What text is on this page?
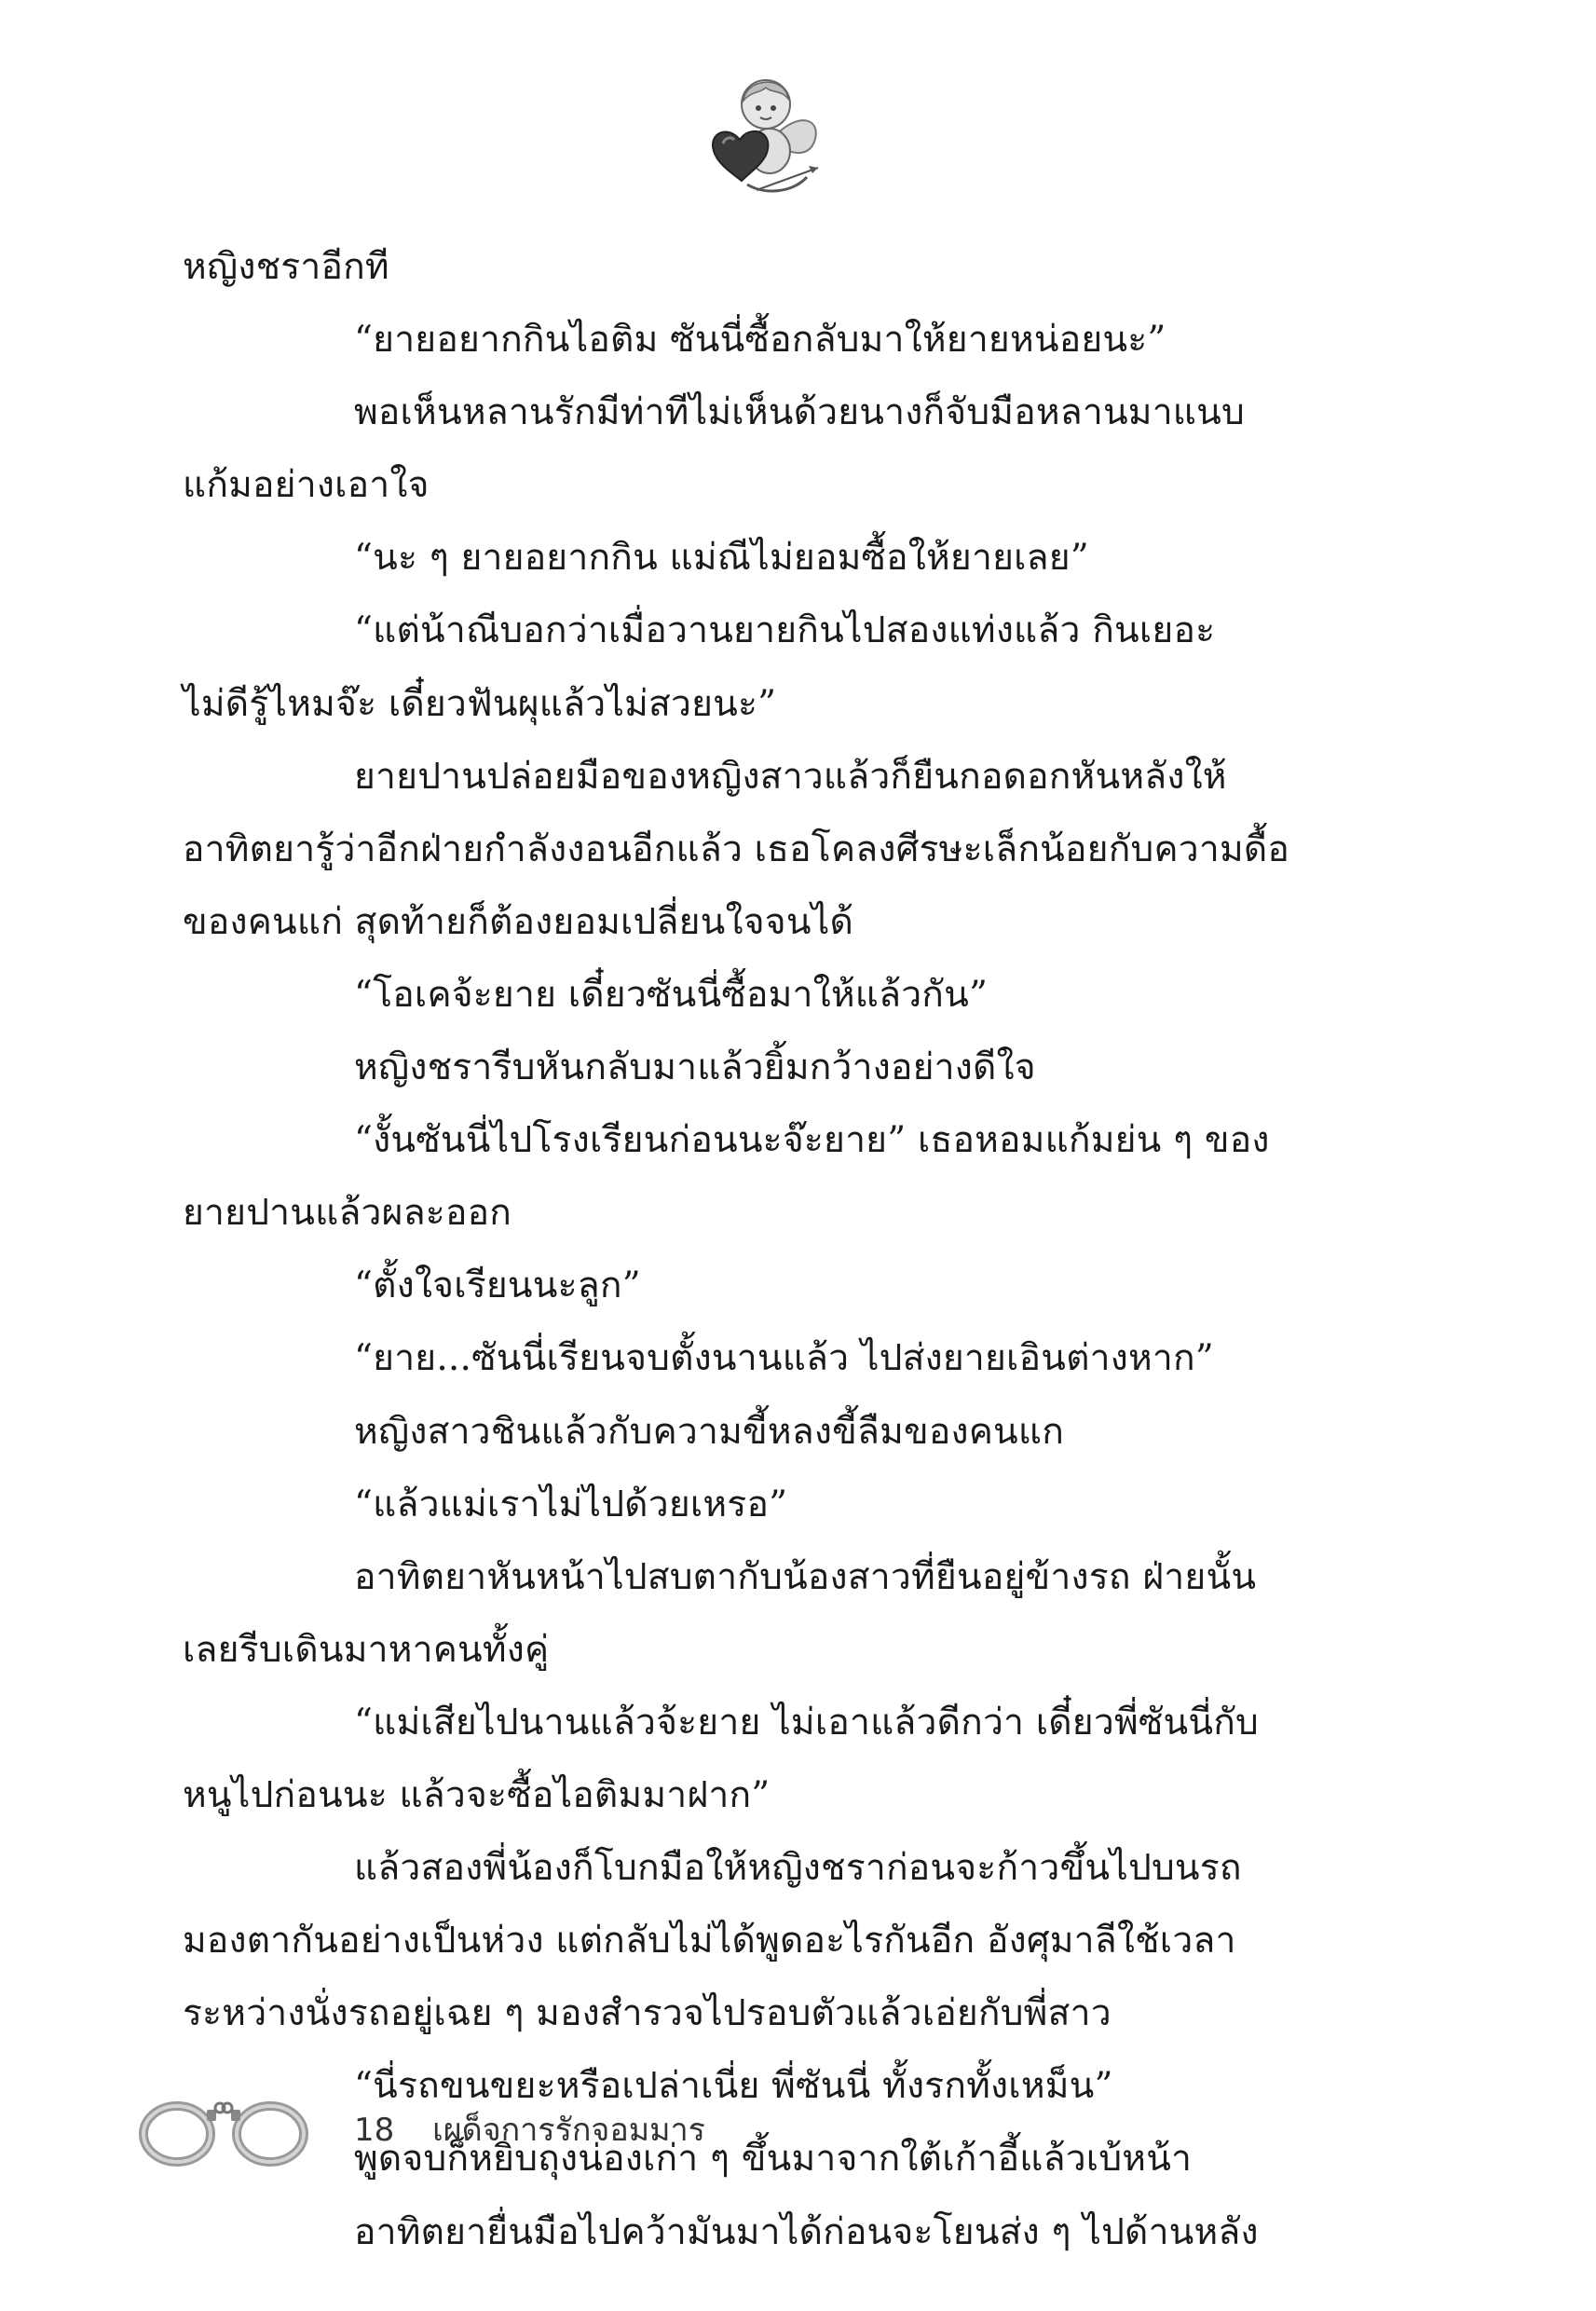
หญิงชราอีกที
“ยายอยากกินไอติม ซันนี่ซื้อกลับมาให้ยายหน่อยนะ”
พอเห็นหลานรักมีท่าทีไม่เห็นด้วยนางก็จับมือหลานมาแนบ
แก้มอย่างเอาใจ
“นะ ๆ ยายอยากกิน แม่ณีไม่ยอมซื้อให้ยายเลย”
“แต่น้าณีบอกว่าเมื่อวานยายกินไปสองแท่งแล้ว กินเยอะ
ไม่ดีรู้ไหมจ๊ะ เดี๋ยวฟันผุแล้วไม่สวยนะ”
ยายปานปล่อยมือของหญิงสาวแล้วก็ยืนกอดอกหันหลังให้
อาทิตยารู้ว่าอีกฝ่ายกำลังงอนอีกแล้ว เธอโคลงศีรษะเล็กน้อยกับความดื้อ
ของคนแก่ สุดท้ายก็ต้องยอมเปลี่ยนใจจนได้
“โอเคจ้ะยาย เดี๋ยวซันนี่ซื้อมาให้แล้วกัน”
หญิงชรารีบหันกลับมาแล้วยิ้มกว้างอย่างดีใจ
“งั้นซันนี่ไปโรงเรียนก่อนนะจ๊ะยาย” เธอหอมแก้มย่น ๆ ของ
ยายปานแล้วผละออก
“ตั้งใจเรียนนะลูก”
“ยาย...ซันนี่เรียนจบตั้งนานแล้ว ไปส่งยายเอินต่างหาก”
หญิงสาวชินแล้วกับความขี้หลงขี้ลืมของคนแก
“แล้วแม่เราไม่ไปด้วยเหรอ”
อาทิตยาหันหน้าไปสบตากับน้องสาวที่ยืนอยู่ข้างรถ ฝ่ายนั้น
เลยรีบเดินมาหาคนทั้งคู่
“แม่เสียไปนานแล้วจ้ะยาย ไม่เอาแล้วดีกว่า เดี๋ยวพี่ซันนี่กับ
หนูไปก่อนนะ แล้วจะซื้อไอติมมาฝาก”
แล้วสองพี่น้องก็โบกมือให้หญิงชราก่อนจะก้าวขึ้นไปบนรถ
มองตากันอย่างเป็นห่วง แต่กลับไม่ได้พูดอะไรกันอีก อังศุมาลีใช้เวลา
ระหว่างนั่งรถอยู่เฉย ๆ มองสำรวจไปรอบตัวแล้วเอ่ยกับพี่สาว
“นี่รถขนขยะหรือเปล่าเนี่ย พี่ซันนี่ ทั้งรกทั้งเหม็น”
พูดจบก็หยิบถุงน่องเก่า ๆ ขึ้นมาจากใต้เก้าอี้แล้วเบ้หน้า
อาทิตยายื่นมือไปคว้ามันมาได้ก่อนจะโยนส่ง ๆ ไปด้านหลัง
18 เผด็จการรักจอมมาร
